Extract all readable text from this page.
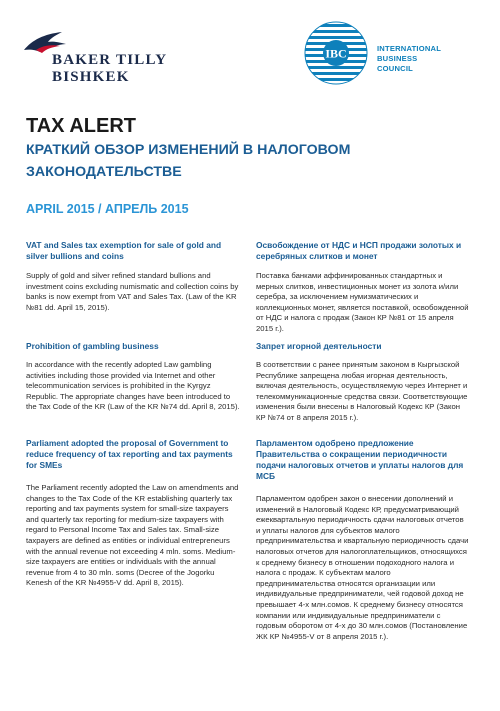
BAKER TILLY
BISHKEK
IBC	INTERNATIONAL
BUSINESS
COUNCIL
TAX ALERT
КРАТКИЙ ОБЗОР ИЗМЕНЕНИЙ В НАЛОГОВОМ ЗАКОНОДАТЕЛЬСТВЕ
APRIL 2015 / АПРЕЛЬ 2015
VAT and Sales tax exemption for sale of gold and silver bullions and coins
Supply of gold and silver refined standard bullions and investment coins excluding numismatic and collection coins by banks is now exempt from VAT and Sales Tax. (Law of the KR №81 dd. April 15, 2015).
Prohibition of gambling business
In accordance with the recently adopted Law gambling activities including those provided via Internet and other telecommunication services is prohibited in the Kyrgyz Republic. The appropriate changes have been introduced to the Tax Code of the KR (Law of the KR №74 dd. April 8, 2015).
Parliament adopted the proposal of Government to reduce frequency of tax reporting and tax payments for SMEs
The Parliament recently adopted the Law on amendments and changes to the Tax Code of the KR establishing quarterly tax reporting and tax payments system for small-size taxpayers and quarterly tax reporting for medium-size taxpayers with regard to Personal Income Tax and Sales tax. Small-size taxpayers are defined as entities or individual entrepreneurs with the annual revenue not exceeding 4 mln. soms. Medium-size taxpayers are entities or individuals with the annual revenue from 4 to 30 mln. soms (Decree of the Jogorku Kenesh of the KR №4955-V dd. April 8, 2015).
Освобождение от НДС и НСП продажи золотых и серебряных слитков и монет
Поставка банками аффинированных стандартных и мерных слитков, инвестиционных монет из золота и/или серебра, за исключением нумизматических и коллекционных монет, является поставкой, освобожденной от НДС и налога с продаж (Закон КР №81 от 15 апреля 2015 г.).
Запрет игорной деятельности
В соответствии с ранее принятым законом в Кыргызской Республике запрещена любая игорная деятельность, включая деятельность, осуществляемую через Интернет и телекоммуникационные средства связи. Соответствующие изменения были внесены в Налоговый Кодекс КР (Закон КР №74 от 8 апреля 2015 г.).
Парламентом одобрено предложение Правительства о сокращении периодичности подачи налоговых отчетов и уплаты налогов для МСБ
Парламентом одобрен закон о внесении дополнений и изменений в Налоговый Кодекс КР, предусматривающий ежеквартальную периодичность сдачи налоговых отчетов и уплаты налогов для субъектов малого предпринимательства и квартальную периодичность сдачи налоговых отчетов для налогоплательщиков, относящихся к среднему бизнесу в отношении подоходного налога и налога с продаж. К субъектам малого предпринимательства относятся организации или индивидуальные предприниматели, чей годовой доход не превышает 4-х млн.сомов. К среднему бизнесу относятся компании или индивидуальные предприниматели с годовым оборотом от 4-х до 30 млн.сомов (Постановление ЖК КР №4955-V от 8 апреля 2015 г.).
